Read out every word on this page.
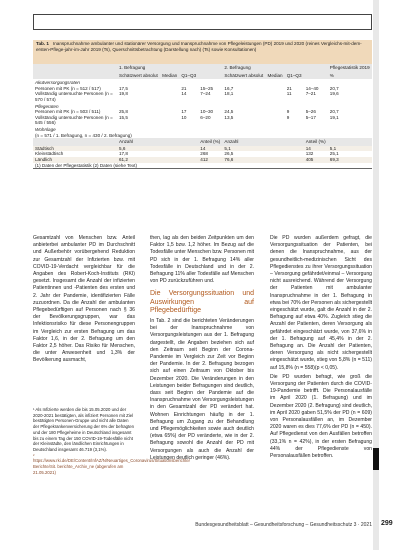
Tab. 1 Inanspruchnahme ambulanter und stationärer Versorgung und Inanspruchnahme von Pflegeleistungen (PD) 2019 und 2020 (reines Vergleichs-mit-dem-ersten-Pflege-jahr-im-Jahr 2019 (Ts), Querschnittsbetrachtung (Darstellung nach) (Ts) sowie Konsultationen)
	1. Befragung				2. Befragung				Pflegestatistik 2019
	Schätzwert absolut	Median	Q1–Q3		Schätzwert absolut	Median	Q1–Q3		%
Akutversorgungsraten									
Personen mit PK (n = 512 / 517)	17,5		21	15–25	16,7		21	14–40	20,7
Vollständig untersuchte Personen (n = 570 / 574)	19,8		14	7–24	18,1		11	7–21	19,6
Pflegeraten									
Personen mit PK (n = 503 / 511)	25,8		17	10–30	24,5		9	5–26	20,7
Vollständig untersuchte Personen (n = 545 / 556)	15,5		10	6–20	13,5		9	5–17	19,1
Wohnlage									
(n = 571 / 1. Befragung, n = 430 / 2. Befragung)									
	Anzahl			Anteil (%)	Anzahl			Anteil (%)	
Städtisch	5,6			14	5,1			14	5,1
Kleinstädtisch	17,8			268	26,5			132	25,1
Ländlich	61,2			412	76,6			405	69,3
(1) Daten der Pflegestatistik (2) Daten (siehe Text)									

Gesamtzahl von Menschen bzw. Anteil anbieterbei ambulanter PD im Durchschnitt und Außerbehör vorübergehend Reduktion zur Gesamtzahl der Infizierten bzw. mit COVID-19-Verdacht vergleichbar für die Angaben des Robert-Koch-Instituts (RKI) gesetzt. Insgesamt die Anzahl der infizierten Patientinnen und -Patienten des ersten und 2. Jahr der Pandemie, identifizierten Fälle zuzuordnen. Da die Anzahl der ambulanten Pflegebedürftigen auf Personen nach § 36 der Bevölkerungsgruppen, war das Infektionsrisiko für diese Personengruppen im Vergleich zur ersten Befragung um das Faktor 1,6, in der 2. Befragung um den Faktor 2,5 höher. Das Risiko für Menschen, die unter Anwesenheit und 1,3% der Bevölkerung ausmacht,

¹ Als Infizierte werden die bis 15.05.2020 und der 2020-2021 bestätigten, als infiziert Personen mit Ziel bestätigten Personen-Gruppe und nicht alle Daten der Pflegekrankenversicherung der 6% der befragten und der 180 Pflegeheime in Deutschland insgesamt bis zu einem Tag der 150 COVID-19-Todesfälle nicht der Kleinstädte, den ländlichen Einrichtungen in Deutschland insgesamt 46.719 (3,1%).
² https://www.rki.de/DE/Content/InfAZ/N/Neuartiges_Coronavirus/Situationsberichte/ Berichte/Sit. berichte_Archiv_ne (abgerufen am 21.05.2021)

then, lag als den beiden Zeitpunkten um den Faktor 1,5 bzw. 1,2 höher. Im Bezug auf die Todesfälle unter Menschen bzw. Personen mit PD sich in der 1. Befragung 14% aller Todesfälle in Deutschland und in der 2. Befragung 11% aller Todesfälle auf Menschen von PD zurückzuführen und.

Die Versorgungssituation und Auswirkungen auf Pflegebedürftige

In Tab. 2 sind die berichteten Veränderungen bei der Inanspruchnahme von Versorgungsleistungen aus der 1. Befragung dargestellt, die Angaben beziehen sich auf den Zeitraum seit Beginn der Corona-Pandemie im Vergleich zur Zeit vor Beginn der Pandemie. In der 2. Befragung bezogen sich auf einen Zeitraum von Oktober bis Dezember 2020. Die Veränderungen in den Leistungen beider Befragungen sind deutlich, dass seit Beginn der Pandemie auf die Inanspruchnahme von Versorgungsleistungen in den Gesamtzahl der PD verändert hat. Wohnen Einrichtungen häufig in der 1. Befragung um Zugang zu der Behandlung und Pflegemöglichkeiten sowie auch deutlich (etwa 65%) der PD veränderte, wie in der 2. Befragung sowohl die Anzahl der PD mit Versorgungen als auch die Anzahl der Leistungen deutlich geringer (46%).

Die PD wurden außerdem gefragt, die Versorgungssituation der Patienten, bei denen die Inanspruchnahme, aus der gesundheitlich-medizinischen Sicht des Pflegedienstes zu ihrer Versorgungssituation – Versorgung gefährdet/einmal – Versorgung nicht ausreichend. Während der Versorgung der Patienten mit ambulanter Inanspruchnahme in der 1. Befragung in etwa bei 70% der Personen als sichergestellt eingeschätzt wurde, galt die Anzahl in der 2. Befragung auf etwa 40%. Zugleich stieg die Anzahl der Patienten, deren Versorgung als gefährdet eingeschätzt wurde, von 37,6% in der 1. Befragung auf 45,4% in der 2. Befragung an. Die Anzahl der Patienten, deren Versorgung als nicht sichergestellt eingeschätzt wurde, stieg von 5,8% (n = 511) auf 15,8% (n = 558)(p < 0,05).

Die PD wurden befragt, wie groß die Versorgung der Patienten durch die COVID-19-Pandemie betrifft. Die Personalausfälle im April 2020 (1. Befragung) und im Dezember 2020 (2. Befragung) sind deutlich, im April 2020 gaben 51,5% der PD (n = 609) von Personalausfällen an, im Dezember 2020 waren es dies 77,6% der PD (n = 450). Auf Pflegedienst von den Ausfällen betroffen (33,1% n = 42%), in der ersten Befragung 44% der Pflegedienste von Personalausfällen betroffen.

Bundesgesundheitsblatt – Gesundheitsforschung – Gesundheitsschutz 3 · 2021 299
